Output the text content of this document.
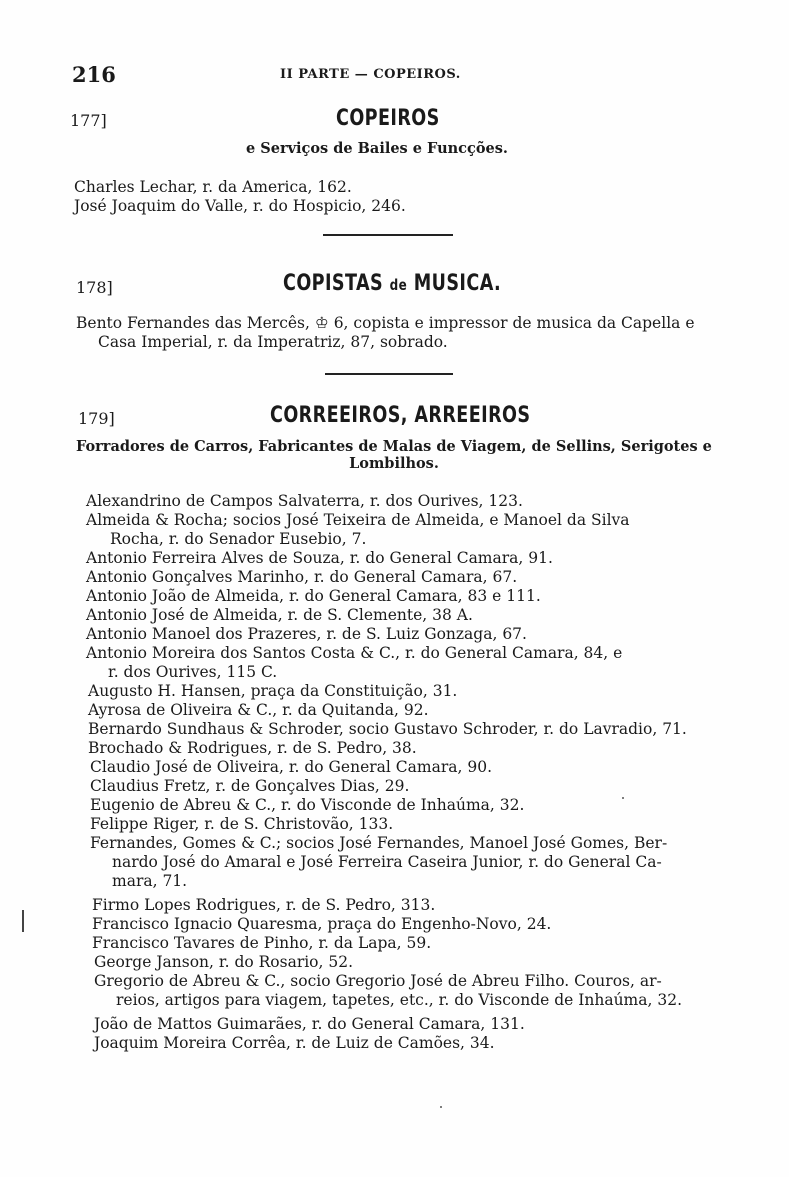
216	II PARTE — COPEIROS.
177]	COPEIROS
e Serviços de Bailes e Funcções.
Charles Lechar, r. da America, 162.
José Joaquim do Valle, r. do Hospicio, 246.
178]	COPISTAS de MUSICA.
Bento Fernandes das Mercês, ♔ 6, copista e impressor de musica da Capella e
Casa Imperial, r. da Imperatriz, 87, sobrado.
179]	CORREEIROS, ARREEIROS
Forradores de Carros, Fabricantes de Malas de Viagem, de Sellins, Serigotes e
Lombilhos.
Alexandrino de Campos Salvaterra, r. dos Ourives, 123.
Almeida & Rocha; socios José Teixeira de Almeida, e Manoel da Silva
Rocha, r. do Senador Eusebio, 7.
Antonio Ferreira Alves de Souza, r. do General Camara, 91.
Antonio Gonçalves Marinho, r. do General Camara, 67.
Antonio João de Almeida, r. do General Camara, 83 e 111.
Antonio José de Almeida, r. de S. Clemente, 38 A.
Antonio Manoel dos Prazeres, r. de S. Luiz Gonzaga, 67.
Antonio Moreira dos Santos Costa & C., r. do General Camara, 84, e
r. dos Ourives, 115 C.
Augusto H. Hansen, praça da Constituição, 31.
Ayrosa de Oliveira & C., r. da Quitanda, 92.
Bernardo Sundhaus & Schroder, socio Gustavo Schroder, r. do Lavradio, 71.
Brochado & Rodrigues, r. de S. Pedro, 38.
Claudio José de Oliveira, r. do General Camara, 90.
Claudius Fretz, r. de Gonçalves Dias, 29.
Eugenio de Abreu & C., r. do Visconde de Inhaúma, 32.
Felippe Riger, r. de S. Christovão, 133.
Fernandes, Gomes & C.; socios José Fernandes, Manoel José Gomes, Ber-
nardo José do Amaral e José Ferreira Caseira Junior, r. do General Ca-
mara, 71.
Firmo Lopes Rodrigues, r. de S. Pedro, 313.
Francisco Ignacio Quaresma, praça do Engenho-Novo, 24.
Francisco Tavares de Pinho, r. da Lapa, 59.
George Janson, r. do Rosario, 52.
Gregorio de Abreu & C., socio Gregorio José de Abreu Filho. Couros, ar-
reios, artigos para viagem, tapetes, etc., r. do Visconde de Inhaúma, 32.
João de Mattos Guimarães, r. do General Camara, 131.
Joaquim Moreira Corrêa, r. de Luiz de Camões, 34.
